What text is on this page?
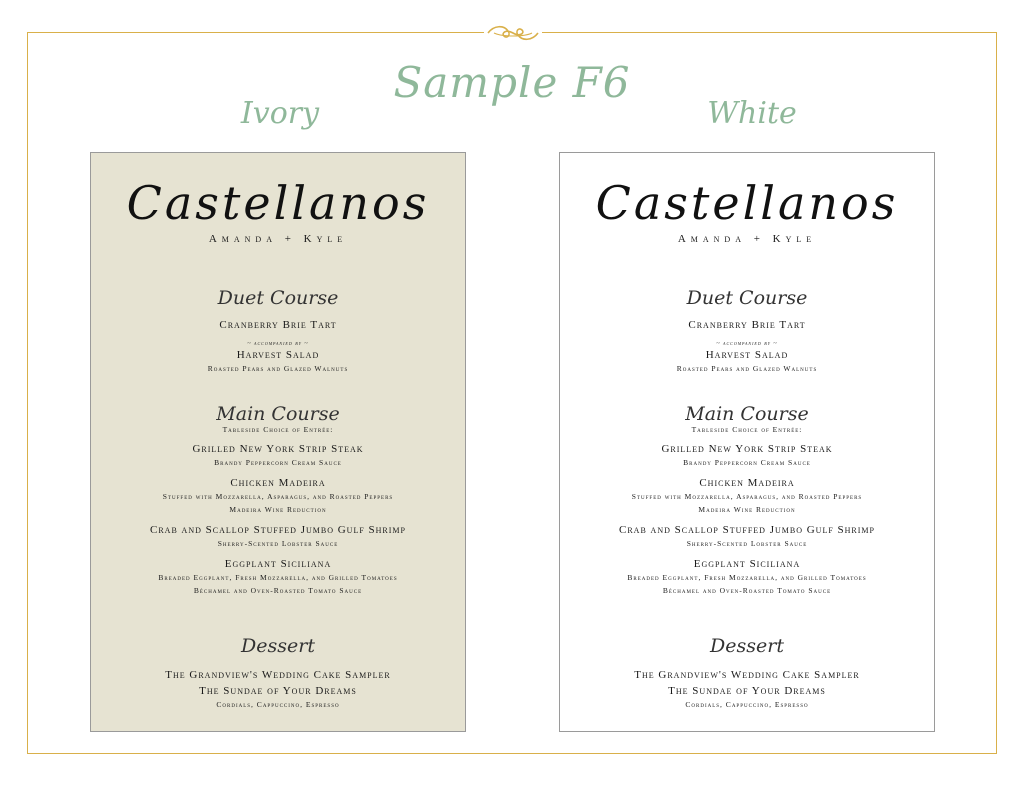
Sample F6
Ivory	White
Castellanos
Amanda + Kyle
Duet Course
Cranberry Brie Tart
~ accompanied by ~
Harvest Salad
Roasted Pears and Glazed Walnuts
Main Course
Tableside Choice of Entrée:
Grilled New York Strip Steak
Brandy Peppercorn Cream Sauce
Chicken Madeira
Stuffed with Mozzarella, Asparagus, and Roasted Peppers
Madeira Wine Reduction
Crab and Scallop Stuffed Jumbo Gulf Shrimp
Sherry-Scented Lobster Sauce
Eggplant Siciliana
Breaded Eggplant, Fresh Mozzarella, and Grilled Tomatoes
Béchamel and Oven-Roasted Tomato Sauce
Dessert
The Grandview's Wedding Cake Sampler
The Sundae of Your Dreams
Cordials, Cappuccino, Espresso
Castellanos
Amanda + Kyle
Duet Course
Cranberry Brie Tart
~ accompanied by ~
Harvest Salad
Roasted Pears and Glazed Walnuts
Main Course
Tableside Choice of Entrée:
Grilled New York Strip Steak
Brandy Peppercorn Cream Sauce
Chicken Madeira
Stuffed with Mozzarella, Asparagus, and Roasted Peppers
Madeira Wine Reduction
Crab and Scallop Stuffed Jumbo Gulf Shrimp
Sherry-Scented Lobster Sauce
Eggplant Siciliana
Breaded Eggplant, Fresh Mozzarella, and Grilled Tomatoes
Béchamel and Oven-Roasted Tomato Sauce
Dessert
The Grandview's Wedding Cake Sampler
The Sundae of Your Dreams
Cordials, Cappuccino, Espresso
